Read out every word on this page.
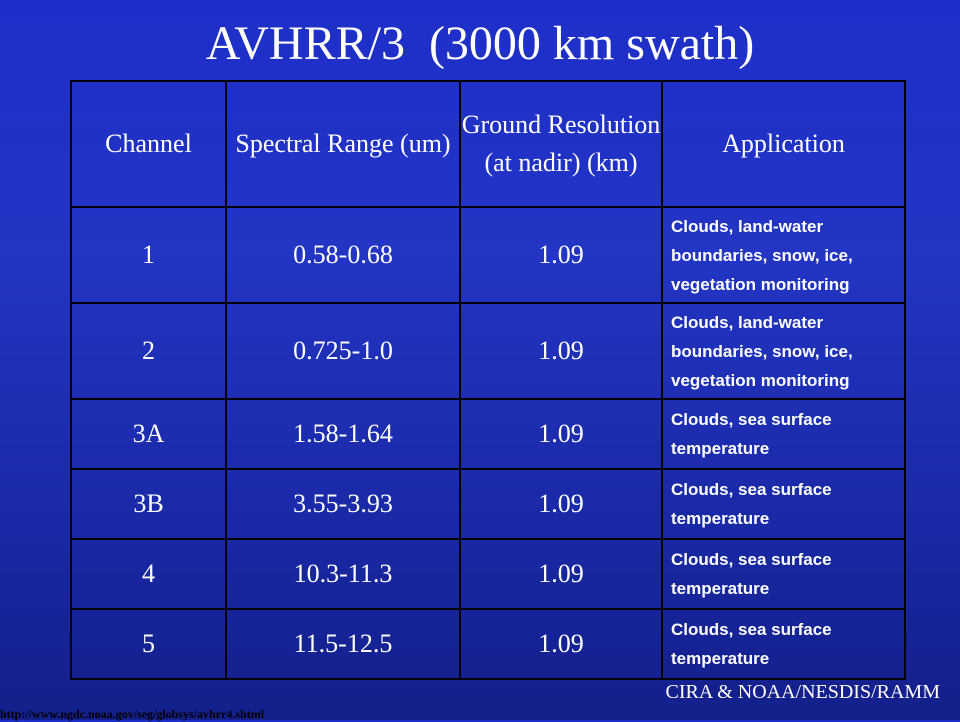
AVHRR/3  (3000 km swath)
Channel	Spectral Range (um)	Ground Resolution (at nadir) (km)	Application
1	0.58-0.68	1.09	Clouds, land-water boundaries, snow, ice, vegetation monitoring
2	0.725-1.0	1.09	Clouds, land-water boundaries, snow, ice, vegetation monitoring
3A	1.58-1.64	1.09	Clouds, sea surface temperature
3B	3.55-3.93	1.09	Clouds, sea surface temperature
4	10.3-11.3	1.09	Clouds, sea surface temperature
5	11.5-12.5	1.09	Clouds, sea surface temperature
CIRA & NOAA/NESDIS/RAMM
http://www.ngdc.noaa.gov/seg/globsys/avhrr4.shtml
